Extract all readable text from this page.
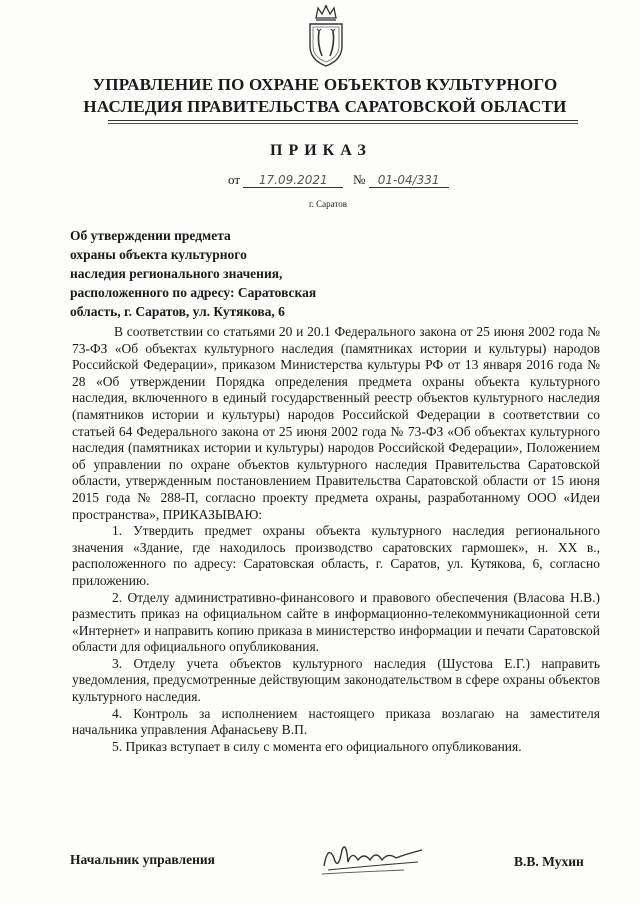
УПРАВЛЕНИЕ ПО ОХРАНЕ ОБЪЕКТОВ КУЛЬТУРНОГО
НАСЛЕДИЯ ПРАВИТЕЛЬСТВА САРАТОВСКОЙ ОБЛАСТИ
ПРИКАЗ
от 17.09.2021 № 01-04/331
г. Саратов
Об утверждении предмета
охраны объекта культурного
наследия регионального значения,
расположенного по адресу: Саратовская
область, г. Саратов, ул. Кутякова, 6

В соответствии со статьями 20 и 20.1 Федерального закона от 25 июня 2002 года № 73-ФЗ «Об объектах культурного наследия (памятниках истории и культуры) народов Российской Федерации», приказом Министерства культуры РФ от 13 января 2016 года № 28 «Об утверждении Порядка определения предмета охраны объекта культурного наследия, включенного в единый государственный реестр объектов культурного наследия (памятников истории и культуры) народов Российской Федерации в соответствии со статьей 64 Федерального закона от 25 июня 2002 года № 73-ФЗ «Об объектах культурного наследия (памятниках истории и культуры) народов Российской Федерации», Положением об управлении по охране объектов культурного наследия Правительства Саратовской области, утвержденным постановлением Правительства Саратовской области от 15 июня 2015 года № 288-П, согласно проекту предмета охраны, разработанному ООО «Идеи пространства», ПРИКАЗЫВАЮ:

1. Утвердить предмет охраны объекта культурного наследия регионального значения «Здание, где находилось производство саратовских гармошек», н. XX в., расположенного по адресу: Саратовская область, г. Саратов, ул. Кутякова, 6, согласно приложению.

2. Отделу административно-финансового и правового обеспечения (Власова Н.В.) разместить приказ на официальном сайте в информационно-телекоммуникационной сети «Интернет» и направить копию приказа в министерство информации и печати Саратовской области для официального опубликования.

3. Отделу учета объектов культурного наследия (Шустова Е.Г.) направить уведомления, предусмотренные действующим законодательством в сфере охраны объектов культурного наследия.

4. Контроль за исполнением настоящего приказа возлагаю на заместителя начальника управления Афанасьеву В.П.

5. Приказ вступает в силу с момента его официального опубликования.

Начальник управления	В.В. Мухин
